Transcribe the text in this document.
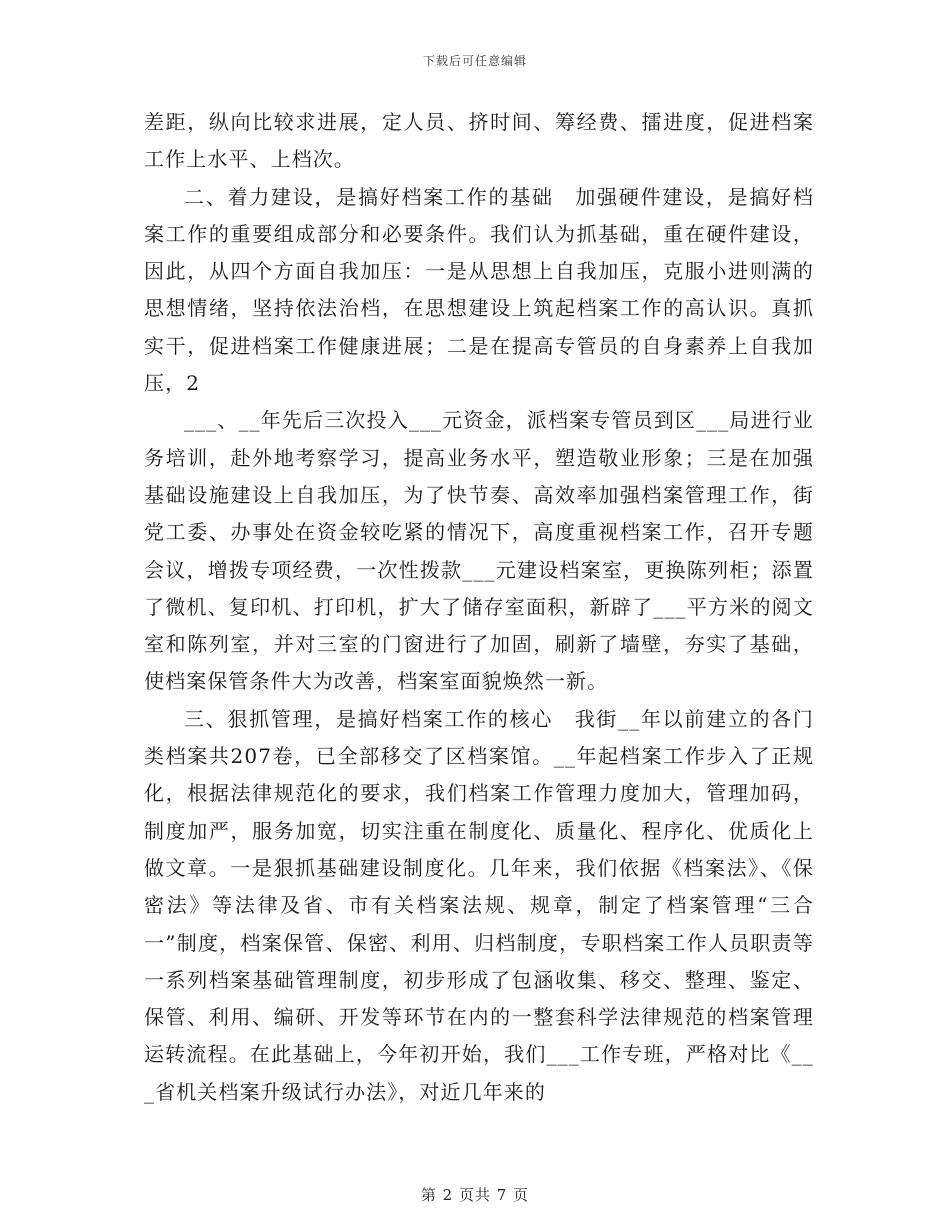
下载后可任意编辑

差距，纵向比较求进展，定人员、挤时间、筹经费、擂进度，促进档案工作上水平、上档次。

二、着力建设，是搞好档案工作的基础　加强硬件建设，是搞好档案工作的重要组成部分和必要条件。我们认为抓基础，重在硬件建设，因此，从四个方面自我加压：一是从思想上自我加压，克服小进则满的思想情绪，坚持依法治档，在思想建设上筑起档案工作的高认识。真抓实干，促进档案工作健康进展；二是在提高专管员的自身素养上自我加压，2

___、__年先后三次投入___元资金，派档案专管员到区___局进行业务培训，赴外地考察学习，提高业务水平，塑造敬业形象；三是在加强基础设施建设上自我加压，为了快节奏、高效率加强档案管理工作，街党工委、办事处在资金较吃紧的情况下，高度重视档案工作，召开专题会议，增拨专项经费，一次性拨款___元建设档案室，更换陈列柜；添置了微机、复印机、打印机，扩大了储存室面积，新辟了___平方米的阅文室和陈列室，并对三室的门窗进行了加固，刷新了墙壁，夯实了基础，使档案保管条件大为改善，档案室面貌焕然一新。

三、狠抓管理，是搞好档案工作的核心　我街__年以前建立的各门类档案共207卷，已全部移交了区档案馆。__年起档案工作步入了正规化，根据法律规范化的要求，我们档案工作管理力度加大，管理加码，制度加严，服务加宽，切实注重在制度化、质量化、程序化、优质化上做文章。一是狠抓基础建设制度化。几年来，我们依据《档案法》、《保密法》等法律及省、市有关档案法规、规章，制定了档案管理“三合一”制度，档案保管、保密、利用、归档制度，专职档案工作人员职责等一系列档案基础管理制度，初步形成了包涵收集、移交、整理、鉴定、保管、利用、编研、开发等环节在内的一整套科学法律规范的档案管理运转流程。在此基础上，今年初开始，我们___工作专班，严格对比《___省机关档案升级试行办法》，对近几年来的

第 2 页共 7 页
